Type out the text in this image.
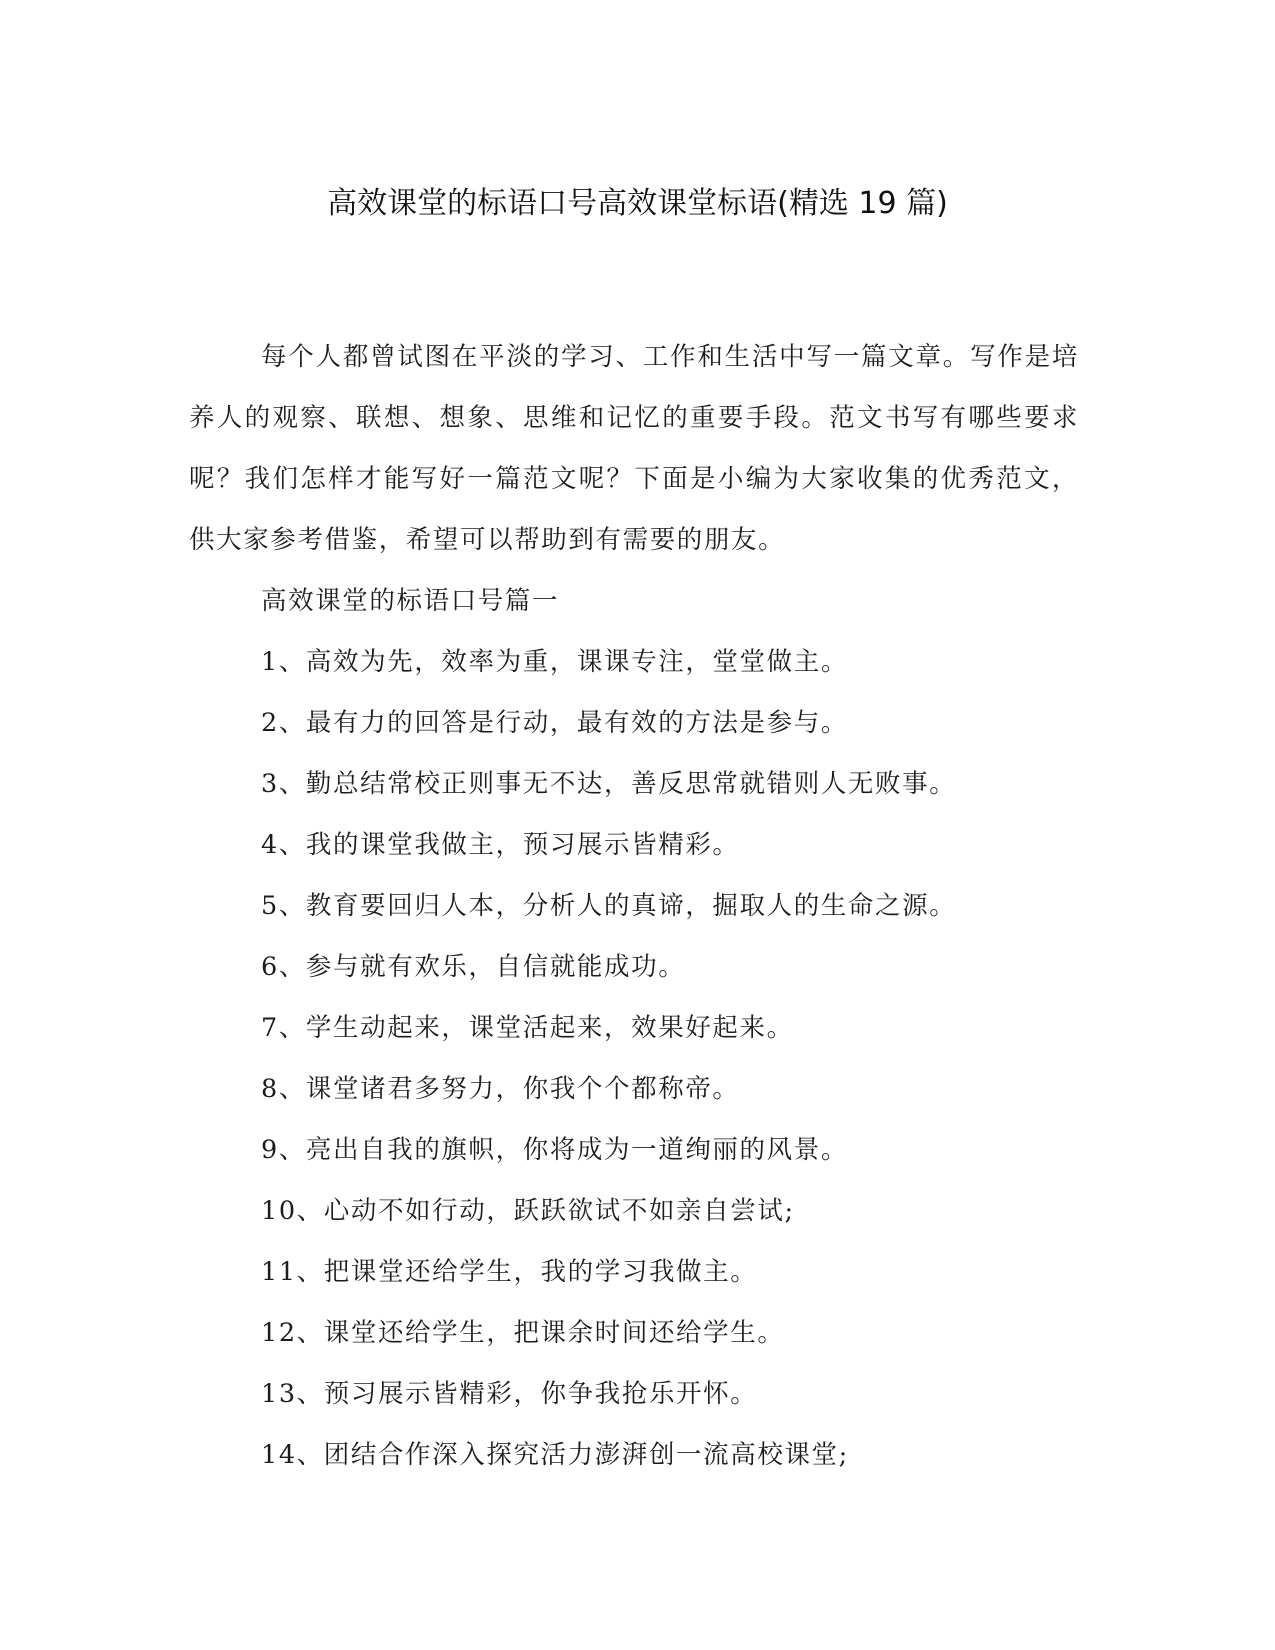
高效课堂的标语口号高效课堂标语(精选 19 篇)

每个人都曾试图在平淡的学习、工作和生活中写一篇文章。写作是培养人的观察、联想、想象、思维和记忆的重要手段。范文书写有哪些要求呢？我们怎样才能写好一篇范文呢？下面是小编为大家收集的优秀范文，供大家参考借鉴，希望可以帮助到有需要的朋友。

高效课堂的标语口号篇一

1、高效为先，效率为重，课课专注，堂堂做主。

2、最有力的回答是行动，最有效的方法是参与。

3、勤总结常校正则事无不达，善反思常就错则人无败事。

4、我的课堂我做主，预习展示皆精彩。

5、教育要回归人本，分析人的真谛，掘取人的生命之源。

6、参与就有欢乐，自信就能成功。

7、学生动起来，课堂活起来，效果好起来。

8、课堂诸君多努力，你我个个都称帝。

9、亮出自我的旗帜，你将成为一道绚丽的风景。

10、心动不如行动，跃跃欲试不如亲自尝试;

11、把课堂还给学生，我的学习我做主。

12、课堂还给学生，把课余时间还给学生。

13、预习展示皆精彩，你争我抢乐开怀。

14、团结合作深入探究活力澎湃创一流高校课堂;
